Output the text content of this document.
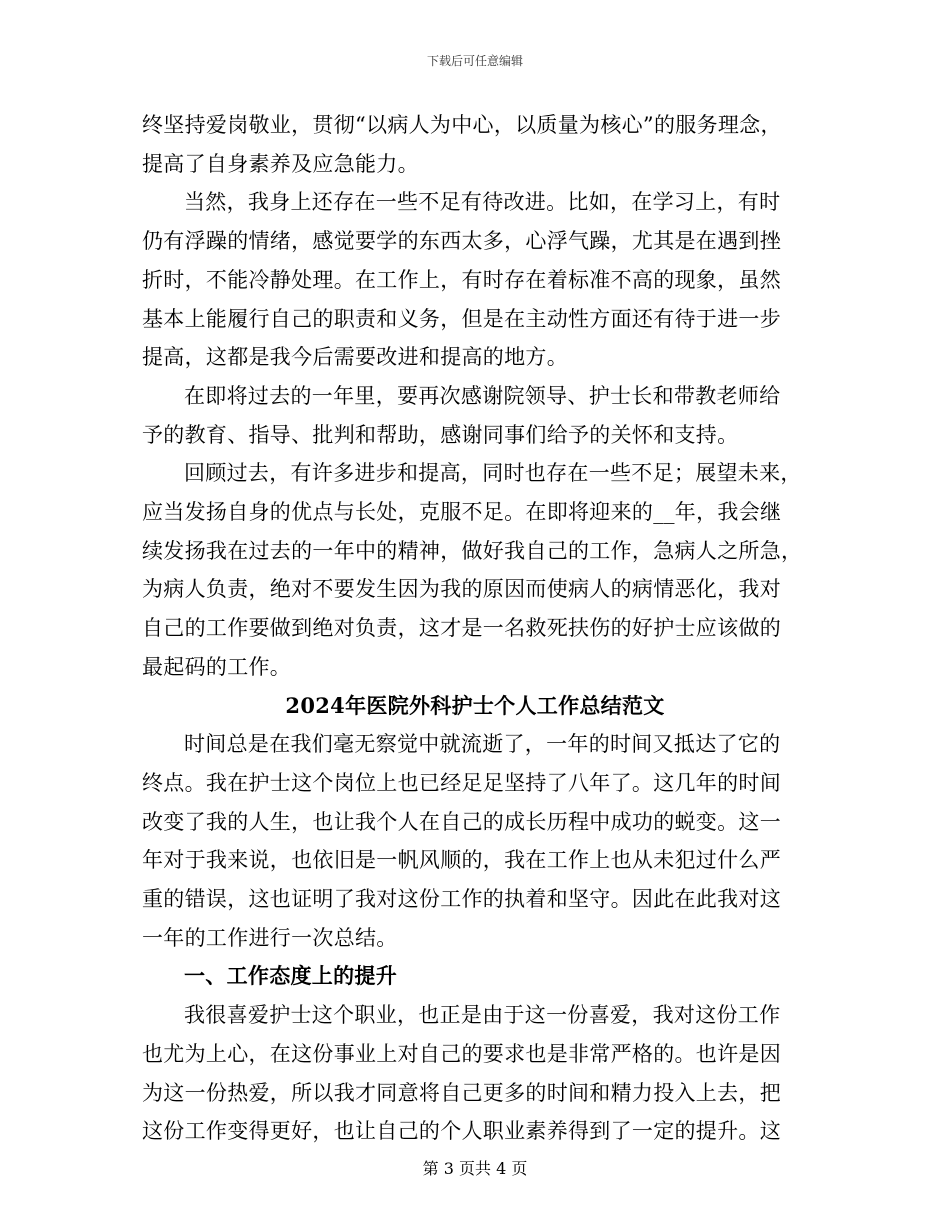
下载后可任意编辑

终坚持爱岗敬业，贯彻“以病人为中心，以质量为核心”的服务理念，
提高了自身素养及应急能力。

当然，我身上还存在一些不足有待改进。比如，在学习上，有时
仍有浮躁的情绪，感觉要学的东西太多，心浮气躁，尤其是在遇到挫
折时，不能冷静处理。在工作上，有时存在着标准不高的现象，虽然
基本上能履行自己的职责和义务，但是在主动性方面还有待于进一步
提高，这都是我今后需要改进和提高的地方。

在即将过去的一年里，要再次感谢院领导、护士长和带教老师给
予的教育、指导、批判和帮助，感谢同事们给予的关怀和支持。

回顾过去，有许多进步和提高，同时也存在一些不足；展望未来，
应当发扬自身的优点与长处，克服不足。在即将迎来的__年，我会继
续发扬我在过去的一年中的精神，做好我自己的工作，急病人之所急，
为病人负责，绝对不要发生因为我的原因而使病人的病情恶化，我对
自己的工作要做到绝对负责，这才是一名救死扶伤的好护士应该做的
最起码的工作。

2024年医院外科护士个人工作总结范文

时间总是在我们毫无察觉中就流逝了，一年的时间又抵达了它的
终点。我在护士这个岗位上也已经足足坚持了八年了。这几年的时间
改变了我的人生，也让我个人在自己的成长历程中成功的蜕变。这一
年对于我来说，也依旧是一帆风顺的，我在工作上也从未犯过什么严
重的错误，这也证明了我对这份工作的执着和坚守。因此在此我对这
一年的工作进行一次总结。

一、工作态度上的提升

我很喜爱护士这个职业，也正是由于这一份喜爱，我对这份工作
也尤为上心，在这份事业上对自己的要求也是非常严格的。也许是因
为这一份热爱，所以我才同意将自己更多的时间和精力投入上去，把
这份工作变得更好，也让自己的个人职业素养得到了一定的提升。这

第 3 页共 4 页
